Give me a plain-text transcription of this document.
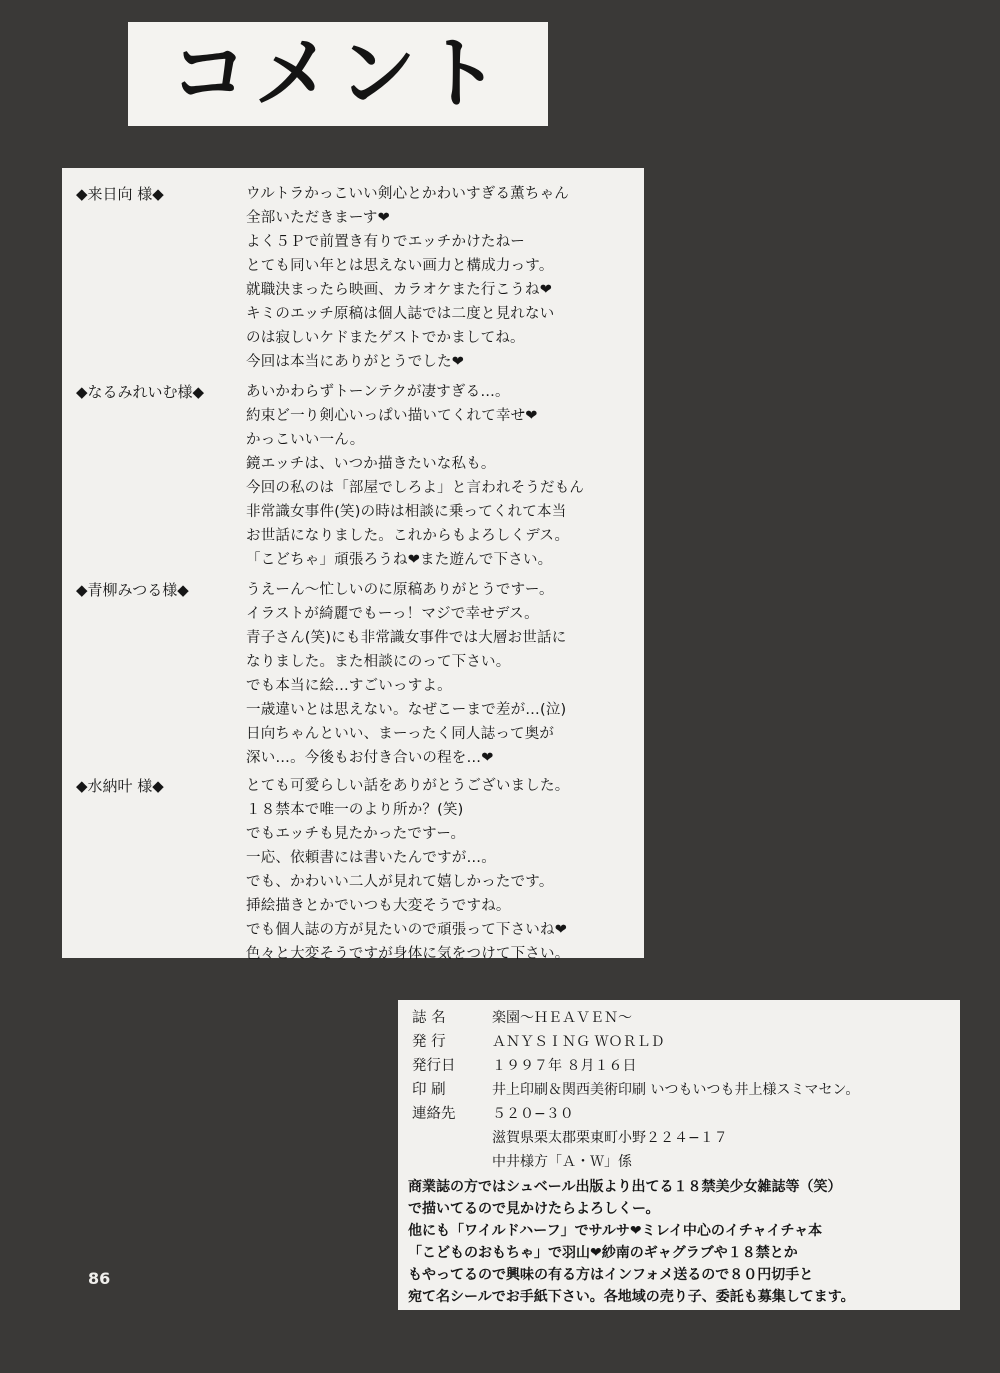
コメント
◆来日向 様◆	ウルトラかっこいい剣心とかわいすぎる薫ちゃん
全部いただきまーす❤
よく５Ｐで前置き有りでエッチかけたねー
とても同い年とは思えない画力と構成力っす。
就職決まったら映画、カラオケまた行こうね❤
キミのエッチ原稿は個人誌では二度と見れない
のは寂しいケドまたゲストでかましてね。
今回は本当にありがとうでした❤
◆なるみれいむ様◆	あいかわらずトーンテクが凄すぎる…。
約束ど一り剣心いっぱい描いてくれて幸せ❤
かっこいい一ん。
鏡エッチは、いつか描きたいな私も。
今回の私のは「部屋でしろよ」と言われそうだもん
非常識女事件(笑)の時は相談に乗ってくれて本当
お世話になりました。これからもよろしくデス。
「こどちゃ」頑張ろうね❤また遊んで下さい。
◆青柳みつる様◆	うえーん〜忙しいのに原稿ありがとうですー。
イラストが綺麗でもーっ！マジで幸せデス。
青子さん(笑)にも非常識女事件では大層お世話に
なりました。また相談にのって下さい。
でも本当に絵…すごいっすよ。
一歳違いとは思えない。なぜこーまで差が…(泣)
日向ちゃんといい、まーったく同人誌って奥が
深い…。今後もお付き合いの程を…❤
◆水納叶 様◆	とても可愛らしい話をありがとうございました。
１８禁本で唯一のより所か？(笑)
でもエッチも見たかったですー。
一応、依頼書には書いたんですが…。
でも、かわいい二人が見れて嬉しかったです。
挿絵描きとかでいつも大変そうですね。
でも個人誌の方が見たいので頑張って下さいね❤
色々と大変そうですが身体に気をつけて下さい。
誌 名	楽園〜ＨＥＡＶＥＮ〜
発 行	ＡＮＹＳＩＮＧ ＷＯＲＬＤ
発行日	１９９７年 ８月１６日
印 刷	井上印刷＆関西美術印刷 いつもいつも井上様スミマセン。
連絡先	５２０−３０
滋賀県栗太郡栗東町小野２２４−１７
中井様方「Ａ・Ｗ」係
商業誌の方ではシュベール出版より出てる１８禁美少女雑誌等（笑）
で描いてるので見かけたらよろしくー。
他にも「ワイルドハーフ」でサルサ❤ミレイ中心のイチャイチャ本
「こどものおもちゃ」で羽山❤紗南のギャグラブや１８禁とか
もやってるので興味の有る方はインフォメ送るので８０円切手と
宛て名シールでお手紙下さい。各地域の売り子、委託も募集してます。
86
